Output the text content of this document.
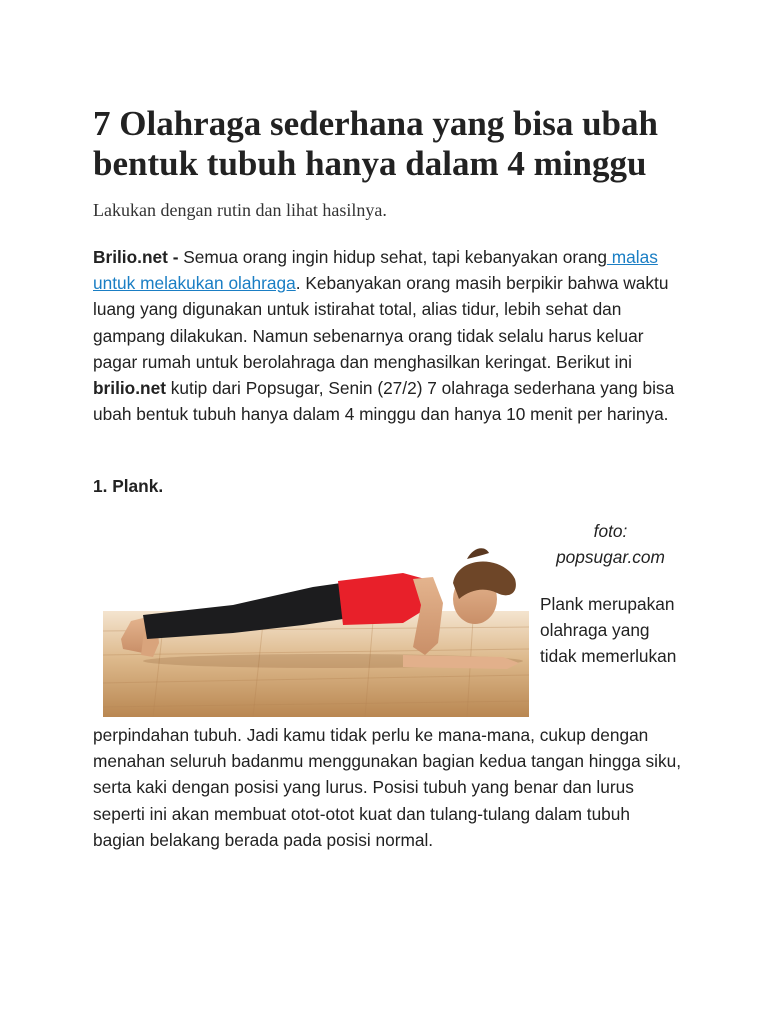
7 Olahraga sederhana yang bisa ubah bentuk tubuh hanya dalam 4 minggu

Lakukan dengan rutin dan lihat hasilnya.

Brilio.net - Semua orang ingin hidup sehat, tapi kebanyakan orang malas untuk melakukan olahraga. Kebanyakan orang masih berpikir bahwa waktu luang yang digunakan untuk istirahat total, alias tidur, lebih sehat dan gampang dilakukan. Namun sebenarnya orang tidak selalu harus keluar pagar rumah untuk berolahraga dan menghasilkan keringat. Berikut ini brilio.net kutip dari Popsugar, Senin (27/2) 7 olahraga sederhana yang bisa ubah bentuk tubuh hanya dalam 4 minggu dan hanya 10 menit per harinya.

1. Plank.

foto:
popsugar.com

Plank merupakan olahraga yang tidak memerlukan

perpindahan tubuh. Jadi kamu tidak perlu ke mana-mana, cukup dengan menahan seluruh badanmu menggunakan bagian kedua tangan hingga siku, serta kaki dengan posisi yang lurus. Posisi tubuh yang benar dan lurus seperti ini akan membuat otot-otot kuat dan tulang-tulang dalam tubuh bagian belakang berada pada posisi normal.
